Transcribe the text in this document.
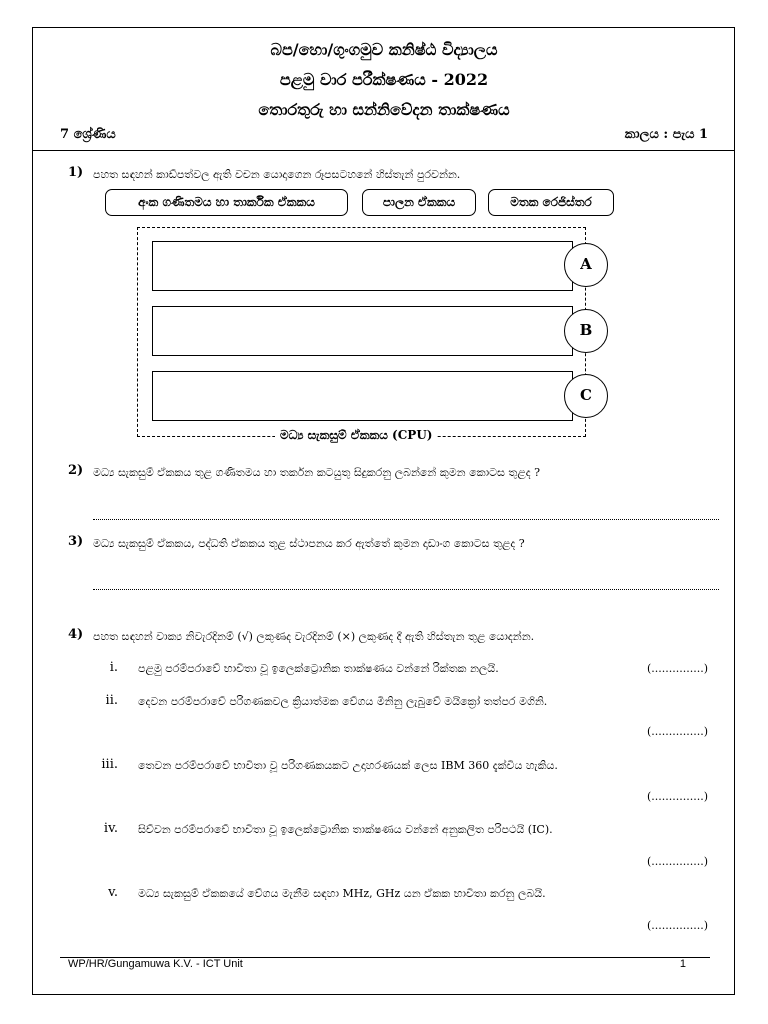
බප/හො/ගුංගමුව කනිෂ්ඨ විද්‍යාලය
පළමු වාර පරීක්ෂණය - 2022
තොරතුරු හා සන්නිවේදන තාක්ෂණය
7 ශ්‍රේණිය	කාලය : පැය 1
1) පහත සඳහන් කාඩ්පත්වල ඇති වචන යොදාගෙන රූපසටහනේ හිස්තැන් පුරවන්න.
අංක ගණිතමය හා තාර්කික ඒකකය	පාලන ඒකකය	මතක රෙජිස්තර
A
B
C
මධ්‍ය සැකසුම් ඒකකය (CPU)
2) මධ්‍ය සැකසුම් ඒකකය තුළ ගණිතමය හා තර්කන කටයුතු සිදුකරනු ලබන්නේ කුමන කොටස තුළද ?
3) මධ්‍ය සැකසුම් ඒකකය, පද්ධති ඒකකය තුළ ස්ථාපනය කර ඇත්තේ කුමන දෘඩාංග කොටස තුළද ?
4) පහත සඳහන් වාක්‍ය නිවැරදිනම් (√) ලකුණද වැරදිනම් (×) ලකුණද දී ඇති හිස්තැන තුළ යොදන්න.
i. පළමු පරම්පරාවේ භාවිතා වූ ඉලෙක්ට්‍රොනික තාක්ෂණය වන්නේ රික්තක නලයි.	(...............)
ii. දෙවන පරම්පරාවේ පරිගණකවල ක්‍රියාත්මක වේගය මිනිනු ලැබුවේ මයික්‍රෝ තත්පර මගිනි.
(...............)
iii. තෙවන පරම්පරාවේ භාවිතා වූ පරිගණකයකට උදාහරණයක් ලෙස IBM 360 දැක්විය හැකිය.
(...............)
iv. සිව්වන පරම්පරාවේ භාවිතා වූ ඉලෙක්ට්‍රොනික තාක්ෂණය වන්නේ අනුකලිත පරිපථයි (IC).
(...............)
v. මධ්‍ය සැකසුම් ඒකකයේ වේගය මැනීම සඳහා MHz, GHz යන ඒකක භාවිතා කරනු ලබයි.
(...............)
WP/HR/Gungamuwa K.V. - ICT Unit	1
